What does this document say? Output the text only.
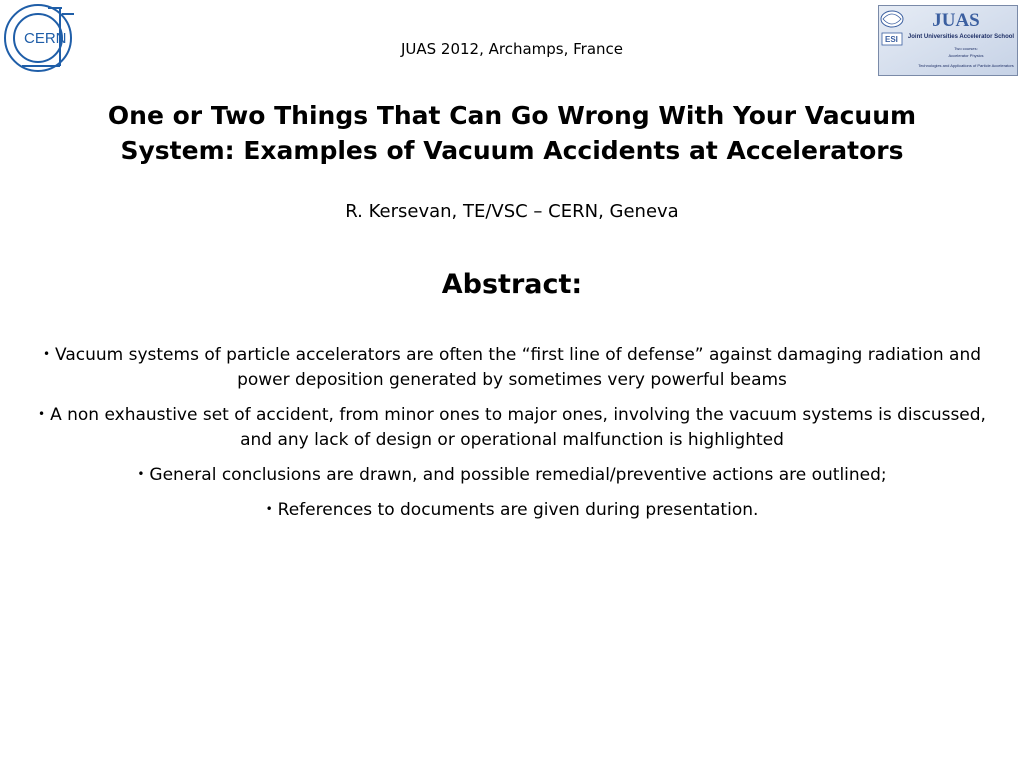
CERN	ESI
JUAS
Joint Universities Accelerator School
Two courses:
Accelerator Physics
Technologies and Applications of Particle Accelerators
JUAS 2012, Archamps, France
One or Two Things That Can Go Wrong With Your Vacuum
System: Examples of Vacuum Accidents at Accelerators
R. Kersevan, TE/VSC – CERN, Geneva
Abstract:
• Vacuum systems of particle accelerators are often the “first line of defense” against damaging radiation and power deposition generated by sometimes very powerful beams
• A non exhaustive set of accident, from minor ones to major ones, involving the vacuum systems is discussed, and any lack of design or operational malfunction is highlighted
• General conclusions are drawn, and possible remedial/preventive actions are outlined;
• References to documents are given during presentation.
